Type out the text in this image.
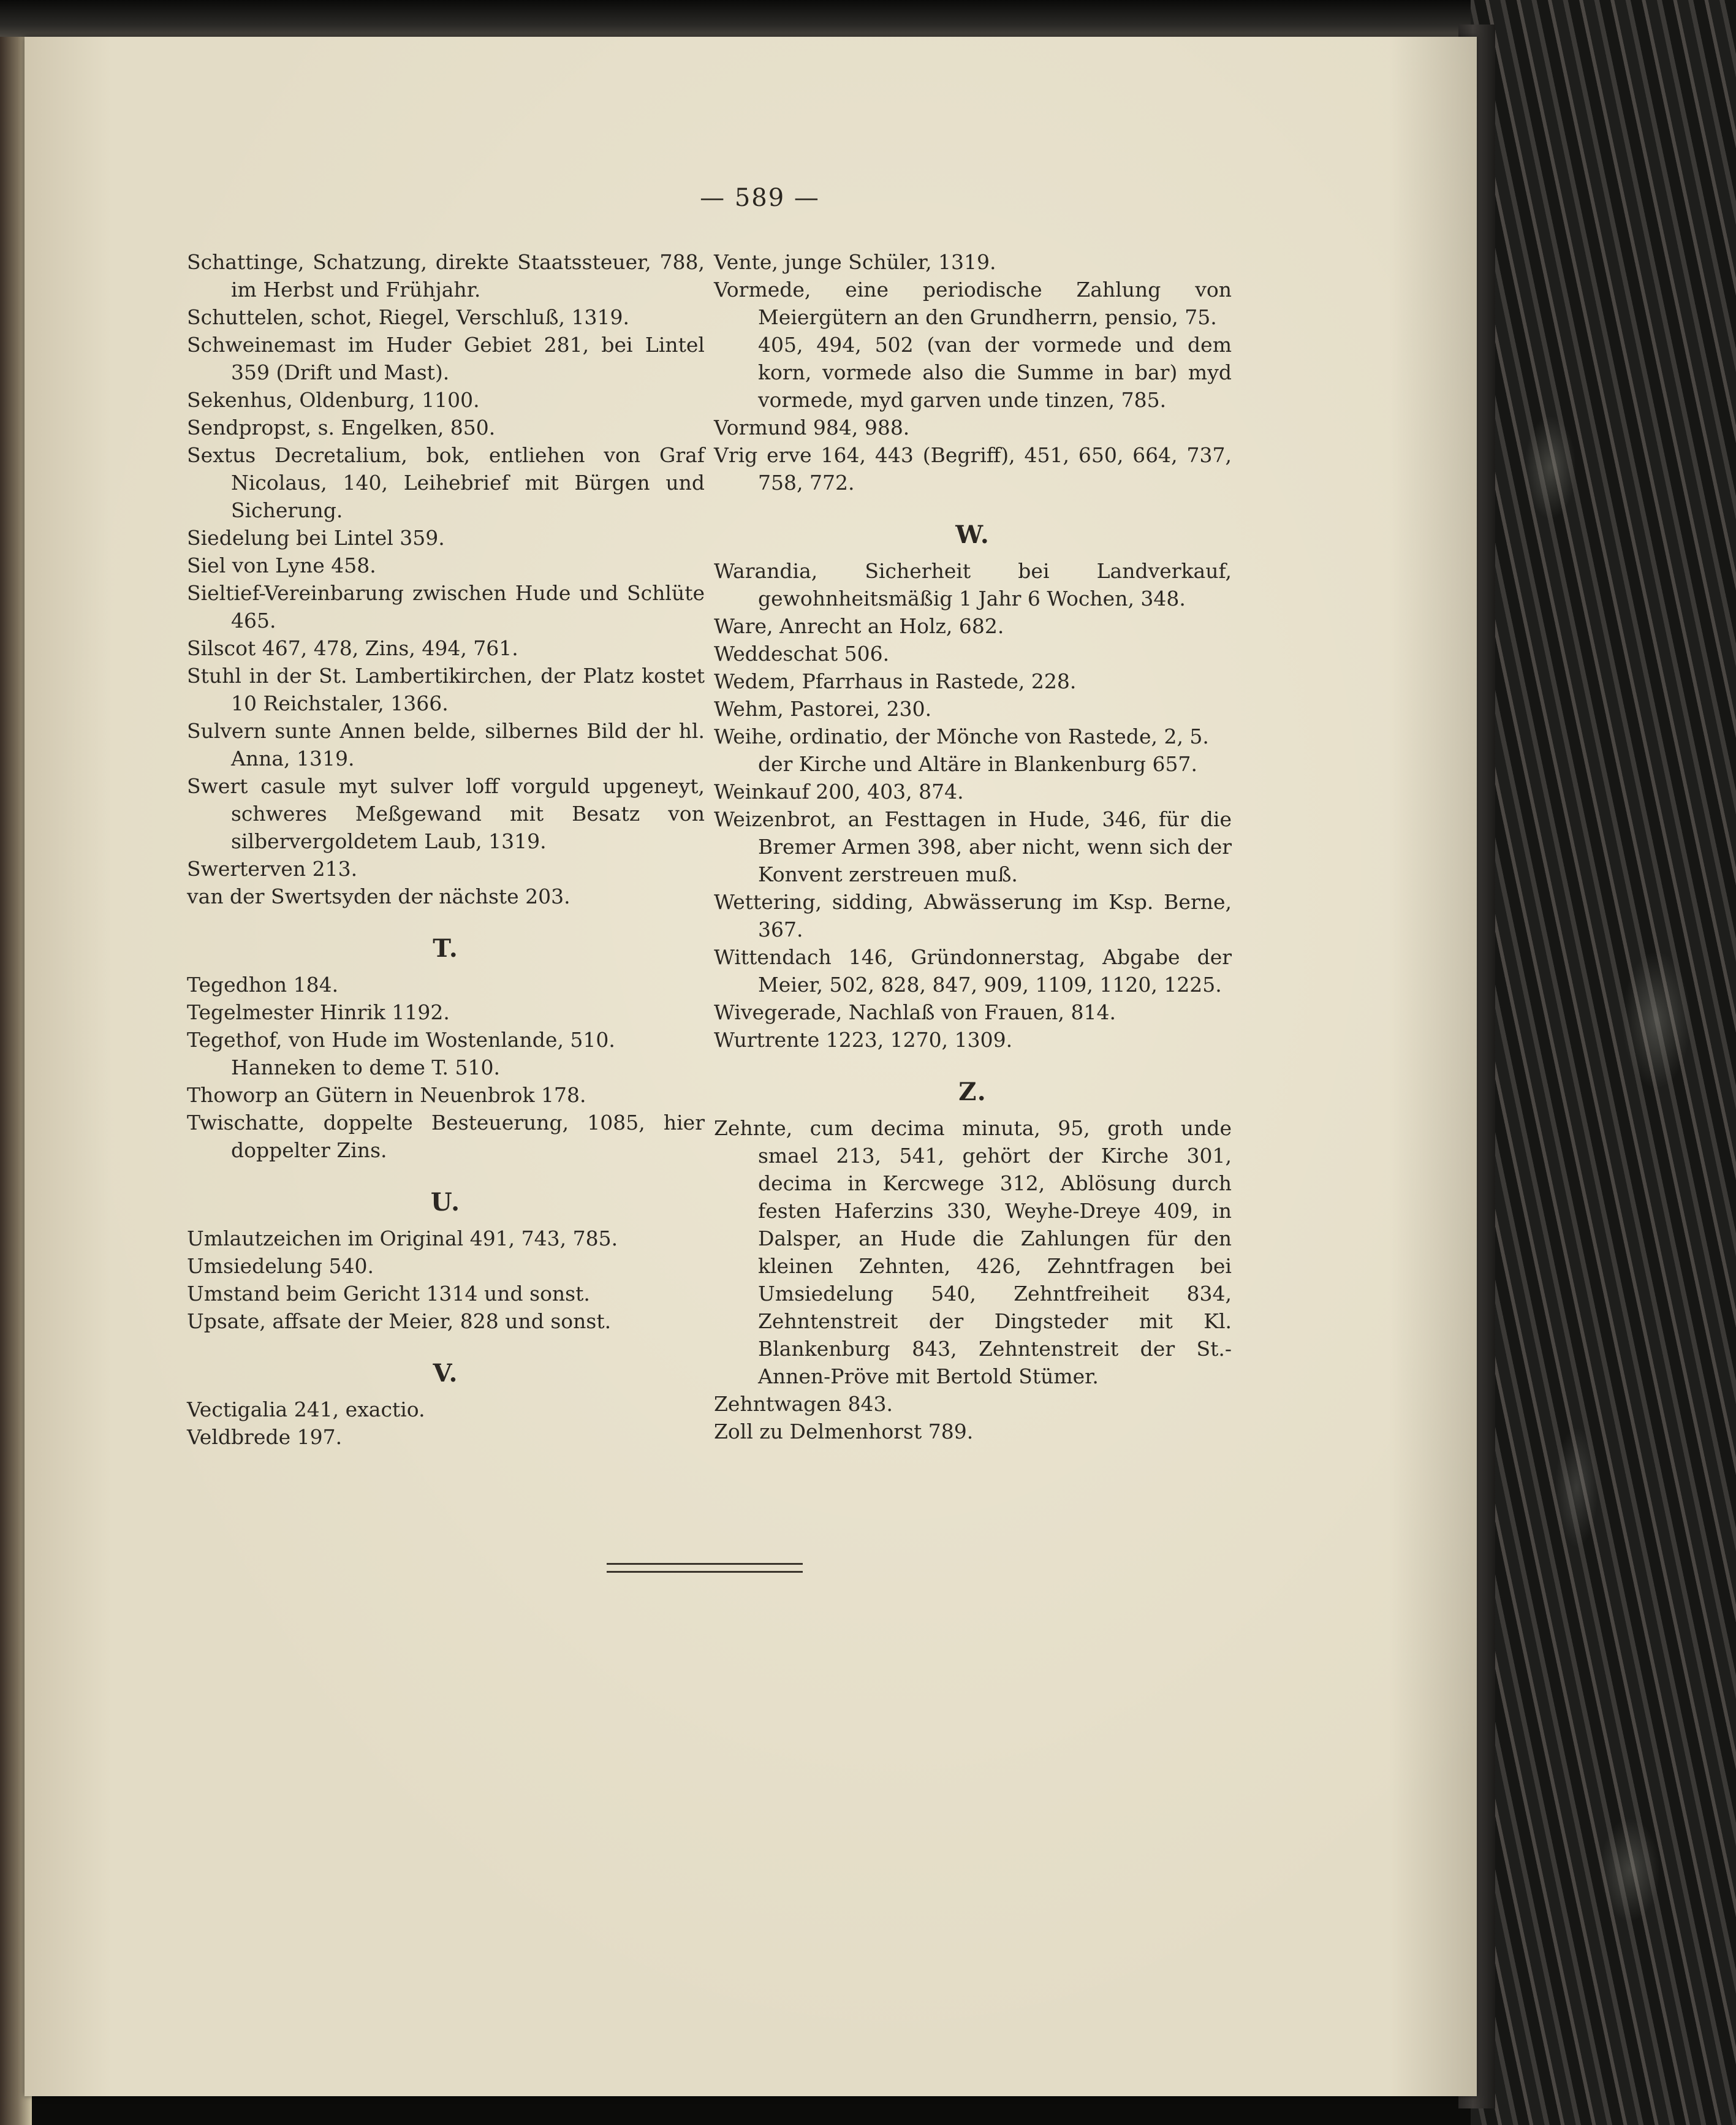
— 589 —
Schattinge, Schatzung, direkte Staatssteuer, 788, im Herbst und Frühjahr.
Schuttelen, schot, Riegel, Verschluß, 1319.
Schweinemast im Huder Gebiet 281, bei Lintel 359 (Drift und Mast).
Sekenhus, Oldenburg, 1100.
Sendpropst, s. Engelken, 850.
Sextus Decretalium, bok, entliehen von Graf Nicolaus, 140, Leihebrief mit Bürgen und Sicherung.
Siedelung bei Lintel 359.
Siel von Lyne 458.
Sieltief-Vereinbarung zwischen Hude und Schlüte 465.
Silscot 467, 478, Zins, 494, 761.
Stuhl in der St. Lambertikirchen, der Platz kostet 10 Reichstaler, 1366.
Sulvern sunte Annen belde, silbernes Bild der hl. Anna, 1319.
Swert casule myt sulver loff vorguld upgeneyt, schweres Meßgewand mit Besatz von silbervergoldetem Laub, 1319.
Swerterven 213.
van der Swertsyden der nächste 203.
T.
Tegedhon 184.
Tegelmester Hinrik 1192.
Tegethof, von Hude im Wostenlande, 510.
Hanneken to deme T. 510.
Thoworp an Gütern in Neuenbrok 178.
Twischatte, doppelte Besteuerung, 1085, hier doppelter Zins.
U.
Umlautzeichen im Original 491, 743, 785.
Umsiedelung 540.
Umstand beim Gericht 1314 und sonst.
Upsate, affsate der Meier, 828 und sonst.
V.
Vectigalia 241, exactio.
Veldbrede 197.
Vente, junge Schüler, 1319.
Vormede, eine periodische Zahlung von Meiergütern an den Grundherrn, pensio, 75.
405, 494, 502 (van der vormede und dem korn, vormede also die Summe in bar) myd vormede, myd garven unde tinzen, 785.
Vormund 984, 988.
Vrig erve 164, 443 (Begriff), 451, 650, 664, 737, 758, 772.
W.
Warandia, Sicherheit bei Landverkauf, gewohnheitsmäßig 1 Jahr 6 Wochen, 348.
Ware, Anrecht an Holz, 682.
Weddeschat 506.
Wedem, Pfarrhaus in Rastede, 228.
Wehm, Pastorei, 230.
Weihe, ordinatio, der Mönche von Rastede, 2, 5.
der Kirche und Altäre in Blankenburg 657.
Weinkauf 200, 403, 874.
Weizenbrot, an Festtagen in Hude, 346, für die Bremer Armen 398, aber nicht, wenn sich der Konvent zerstreuen muß.
Wettering, sidding, Abwässerung im Ksp. Berne, 367.
Wittendach 146, Gründonnerstag, Abgabe der Meier, 502, 828, 847, 909, 1109, 1120, 1225.
Wivegerade, Nachlaß von Frauen, 814.
Wurtrente 1223, 1270, 1309.
Z.
Zehnte, cum decima minuta, 95, groth unde smael 213, 541, gehört der Kirche 301, decima in Kercwege 312, Ablösung durch festen Haferzins 330, Weyhe-Dreye 409, in Dalsper, an Hude die Zahlungen für den kleinen Zehnten, 426, Zehntfragen bei Umsiedelung 540, Zehntfreiheit 834, Zehntenstreit der Dingsteder mit Kl. Blankenburg 843, Zehntenstreit der St.-Annen-Pröve mit Bertold Stümer.
Zehntwagen 843.
Zoll zu Delmenhorst 789.
